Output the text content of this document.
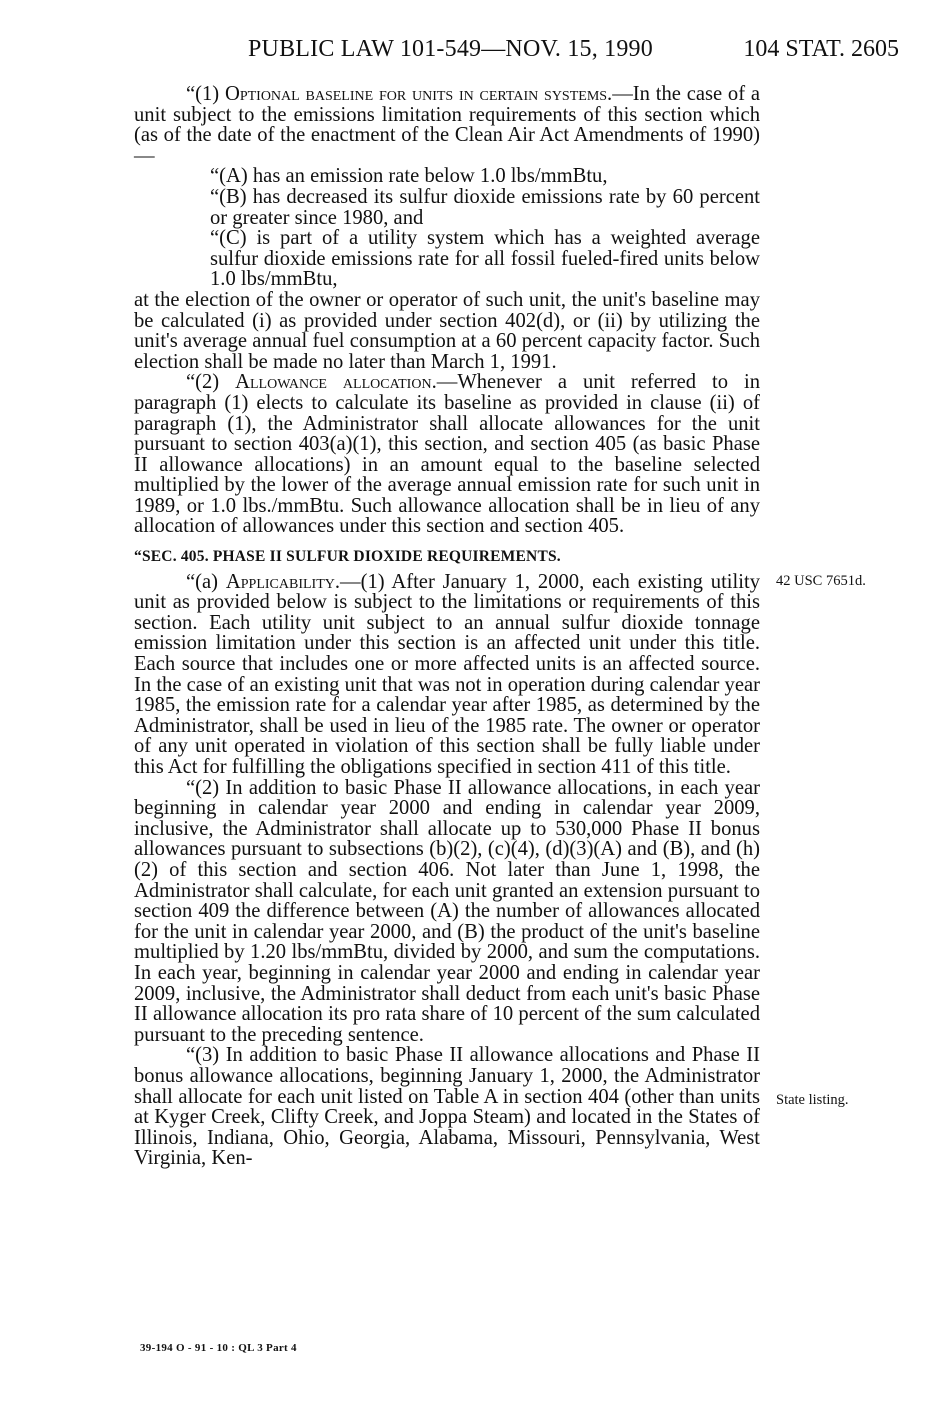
PUBLIC LAW 101-549—NOV. 15, 1990	104 STAT. 2605

“(1) Optional baseline for units in certain systems.—In the case of a unit subject to the emissions limitation requirements of this section which (as of the date of the enactment of the Clean Air Act Amendments of 1990)—

“(A) has an emission rate below 1.0 lbs/mmBtu,

“(B) has decreased its sulfur dioxide emissions rate by 60 percent or greater since 1980, and

“(C) is part of a utility system which has a weighted average sulfur dioxide emissions rate for all fossil fueled-fired units below 1.0 lbs/mmBtu,

at the election of the owner or operator of such unit, the unit's baseline may be calculated (i) as provided under section 402(d), or (ii) by utilizing the unit's average annual fuel consumption at a 60 percent capacity factor. Such election shall be made no later than March 1, 1991.

“(2) Allowance allocation.—Whenever a unit referred to in paragraph (1) elects to calculate its baseline as provided in clause (ii) of paragraph (1), the Administrator shall allocate allowances for the unit pursuant to section 403(a)(1), this section, and section 405 (as basic Phase II allowance allocations) in an amount equal to the baseline selected multiplied by the lower of the average annual emission rate for such unit in 1989, or 1.0 lbs./mmBtu. Such allowance allocation shall be in lieu of any allocation of allowances under this section and section 405.

“SEC. 405. PHASE II SULFUR DIOXIDE REQUIREMENTS.

“(a) Applicability.—(1) After January 1, 2000, each existing utility unit as provided below is subject to the limitations or requirements of this section. Each utility unit subject to an annual sulfur dioxide tonnage emission limitation under this section is an affected unit under this title. Each source that includes one or more affected units is an affected source. In the case of an existing unit that was not in operation during calendar year 1985, the emission rate for a calendar year after 1985, as determined by the Administrator, shall be used in lieu of the 1985 rate. The owner or operator of any unit operated in violation of this section shall be fully liable under this Act for fulfilling the obligations specified in section 411 of this title.

“(2) In addition to basic Phase II allowance allocations, in each year beginning in calendar year 2000 and ending in calendar year 2009, inclusive, the Administrator shall allocate up to 530,000 Phase II bonus allowances pursuant to subsections (b)(2), (c)(4), (d)(3)(A) and (B), and (h)(2) of this section and section 406. Not later than June 1, 1998, the Administrator shall calculate, for each unit granted an extension pursuant to section 409 the difference between (A) the number of allowances allocated for the unit in calendar year 2000, and (B) the product of the unit's baseline multiplied by 1.20 lbs/mmBtu, divided by 2000, and sum the computations. In each year, beginning in calendar year 2000 and ending in calendar year 2009, inclusive, the Administrator shall deduct from each unit's basic Phase II allowance allocation its pro rata share of 10 percent of the sum calculated pursuant to the preceding sentence.

“(3) In addition to basic Phase II allowance allocations and Phase II bonus allowance allocations, beginning January 1, 2000, the Administrator shall allocate for each unit listed on Table A in section 404 (other than units at Kyger Creek, Clifty Creek, and Joppa Steam) and located in the States of Illinois, Indiana, Ohio, Georgia, Alabama, Missouri, Pennsylvania, West Virginia, Ken-

42 USC 7651d.
State listing.
39-194 O - 91 - 10 : QL 3 Part 4
